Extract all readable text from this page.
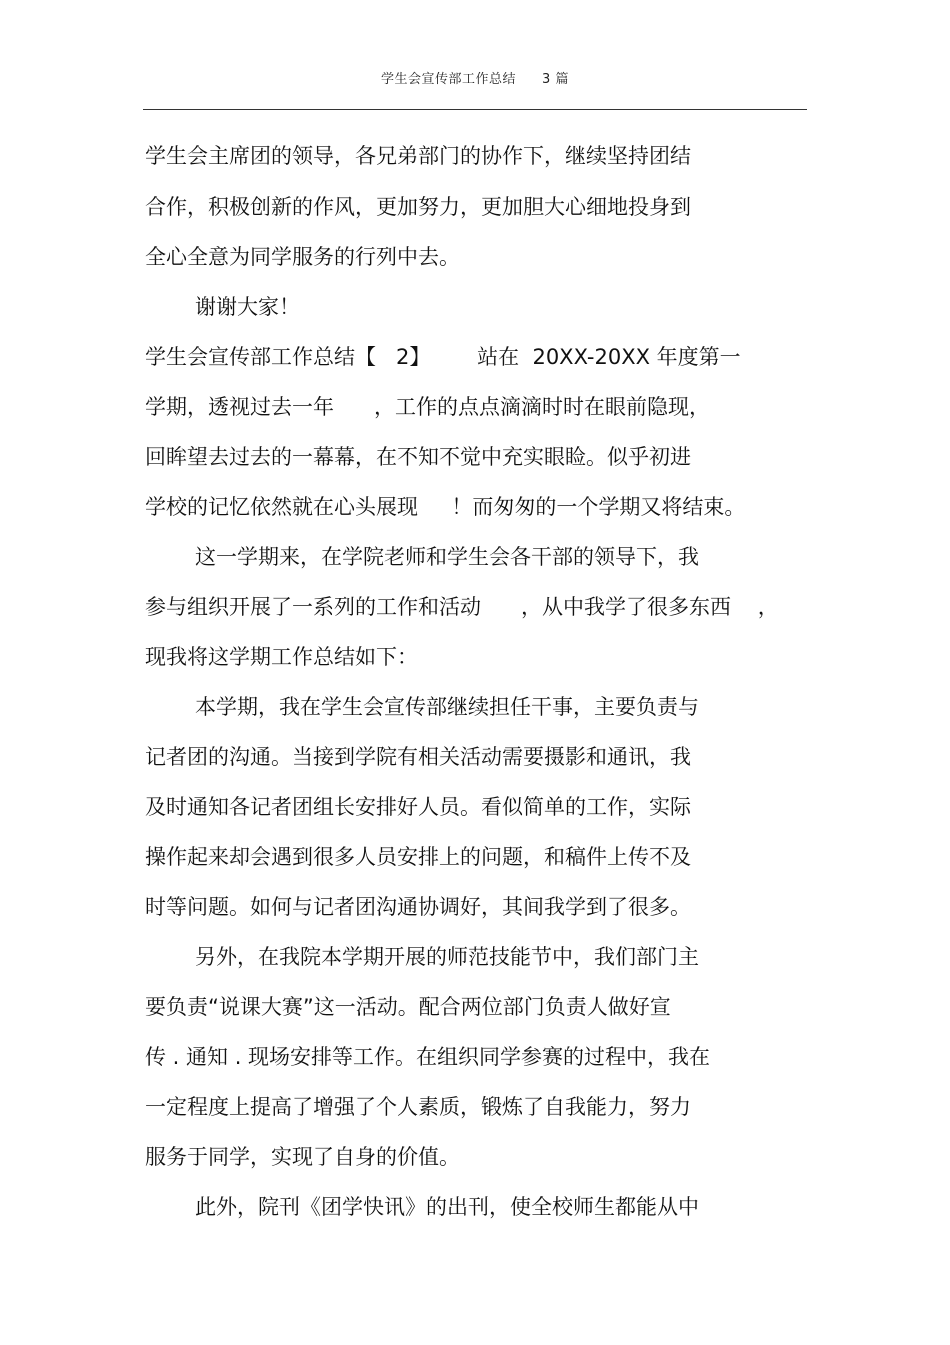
学生会宣传部工作总结 3 篇
学生会主席团的领导，各兄弟部门的协作下，继续坚持团结
合作，积极创新的作风，更加努力，更加胆大心细地投身到
全心全意为同学服务的行列中去。
谢谢大家！
学生会宣传部工作总结【   2】       站在  20XX-20XX 年度第一
学期，透视过去一年      ，工作的点点滴滴时时在眼前隐现，
回眸望去过去的一幕幕，在不知不觉中充实眼睑。似乎初进
学校的记忆依然就在心头展现     ！而匆匆的一个学期又将结束。
这一学期来，在学院老师和学生会各干部的领导下，我
参与组织开展了一系列的工作和活动      ，从中我学了很多东西    ，
现我将这学期工作总结如下：
本学期，我在学生会宣传部继续担任干事，主要负责与
记者团的沟通。当接到学院有相关活动需要摄影和通讯，我
及时通知各记者团组长安排好人员。看似简单的工作，实际
操作起来却会遇到很多人员安排上的问题，和稿件上传不及
时等问题。如何与记者团沟通协调好，其间我学到了很多。
另外，在我院本学期开展的师范技能节中，我们部门主
要负责“说课大赛”这一活动。配合两位部门负责人做好宣
传 . 通知 . 现场安排等工作。在组织同学参赛的过程中，我在
一定程度上提高了增强了个人素质，锻炼了自我能力，努力
服务于同学，实现了自身的价值。
此外，院刊《团学快讯》的出刊，使全校师生都能从中
